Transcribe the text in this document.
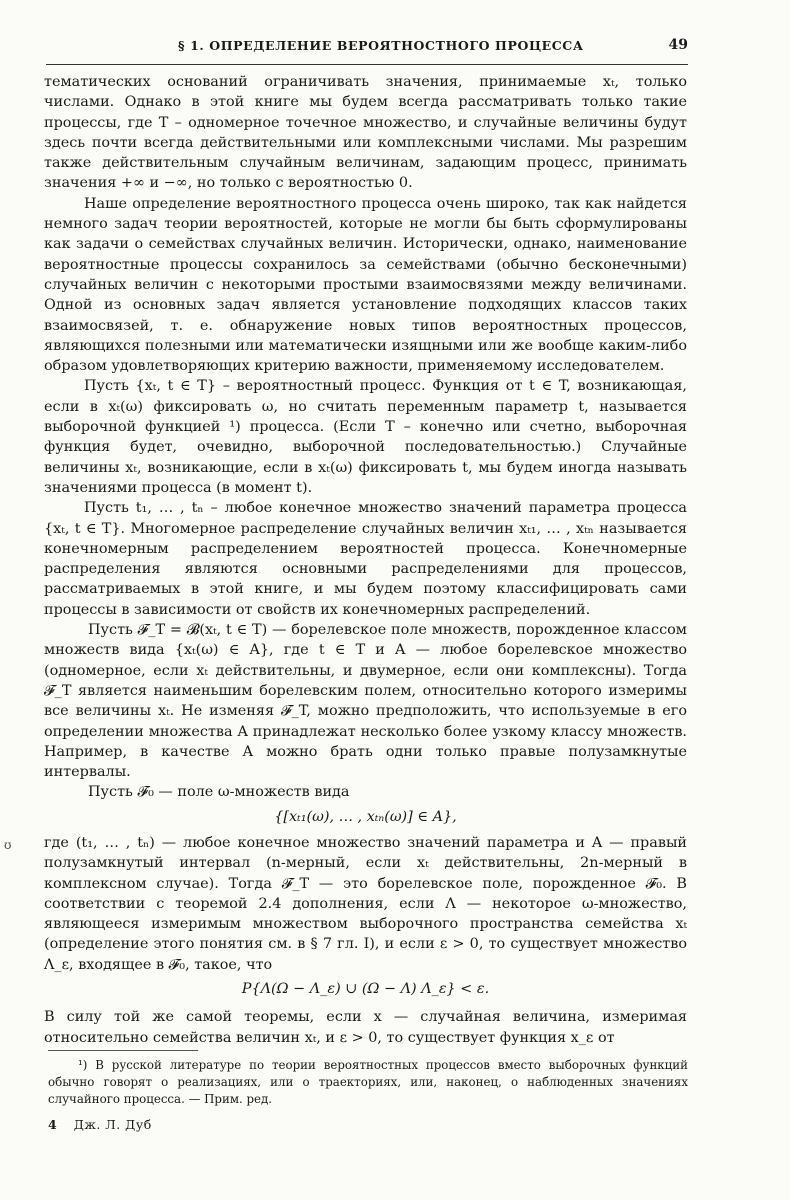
§ 1. ОПРЕДЕЛЕНИЕ ВЕРОЯТНОСТНОГО ПРОЦЕССА	49
ʊ

тематических оснований ограничивать значения, принимаемые xₜ, только числами. Однако в этой книге мы будем всегда рассматривать только такие процессы, где T – одномерное точечное множество, и случайные величины будут здесь почти всегда действительными или комплексными числами. Мы разрешим также действительным случайным величинам, задающим процесс, принимать значения +∞ и −∞, но только с вероятностью 0.

Наше определение вероятностного процесса очень широко, так как найдется немного задач теории вероятностей, которые не могли бы быть сформулированы как задачи о семействах случайных величин. Исторически, однако, наименование вероятностные процессы сохранилось за семействами (обычно бесконечными) случайных величин с некоторыми простыми взаимосвязями между величинами. Одной из основных задач является установление подходящих классов таких взаимосвязей, т. е. обнаружение новых типов вероятностных процессов, являющихся полезными или математически изящными или же вообще каким-либо образом удовлетворяющих критерию важности, применяемому исследователем.

Пусть {xₜ, t ∈ T} – вероятностный процесс. Функция от t ∈ T, возникающая, если в xₜ(ω) фиксировать ω, но считать переменным параметр t, называется выборочной функцией ¹) процесса. (Если T – конечно или счетно, выборочная функция будет, очевидно, выборочной последовательностью.) Случайные величины xₜ, возникающие, если в xₜ(ω) фиксировать t, мы будем иногда называть значениями процесса (в момент t).

Пусть t₁, … , tₙ – любое конечное множество значений параметра процесса {xₜ, t ∈ T}. Многомерное распределение случайных величин xₜ₁, … , xₜₙ называется конечномерным распределением вероятностей процесса. Конечномерные распределения являются основными распределениями для процессов, рассматриваемых в этой книге, и мы будем поэтому классифицировать сами процессы в зависимости от свойств их конечномерных распределений.

Пусть 𝓕_T = 𝓑(xₜ, t ∈ T) — борелевское поле множеств, порожденное классом множеств вида {xₜ(ω) ∈ A}, где t ∈ T и A — любое борелевское множество (одномерное, если xₜ действительны, и двумерное, если они комплексны). Тогда 𝓕_T является наименьшим борелевским полем, относительно которого измеримы все величины xₜ. Не изменяя 𝓕_T, можно предположить, что используемые в его определении множества A принадлежат несколько более узкому классу множеств. Например, в качестве A можно брать одни только правые полузамкнутые интервалы.

Пусть 𝓕₀ — поле ω-множеств вида

{[xₜ₁(ω), … , xₜₙ(ω)] ∈ A},

где (t₁, … , tₙ) — любое конечное множество значений параметра и A — правый полузамкнутый интервал (n-мерный, если xₜ действительны, 2n-мерный в комплексном случае). Тогда 𝓕_T — это борелевское поле, порожденное 𝓕₀. В соответствии с теоремой 2.4 дополнения, если Λ — некоторое ω-множество, являющееся измеримым множеством выборочного пространства семейства xₜ (определение этого понятия см. в § 7 гл. I), и если ε > 0, то существует множество Λ_ε, входящее в 𝓕₀, такое, что

P{Λ(Ω − Λ_ε) ∪ (Ω − Λ) Λ_ε} < ε.

В силу той же самой теоремы, если x — случайная величина, измеримая относительно семейства величин xₜ, и ε > 0, то существует функция x_ε от

¹) В русской литературе по теории вероятностных процессов вместо выборочных функций обычно говорят о реализациях, или о траекториях, или, наконец, о наблюденных значениях случайного процесса. — Прим. ред.

4 Дж. Л. Дуб
